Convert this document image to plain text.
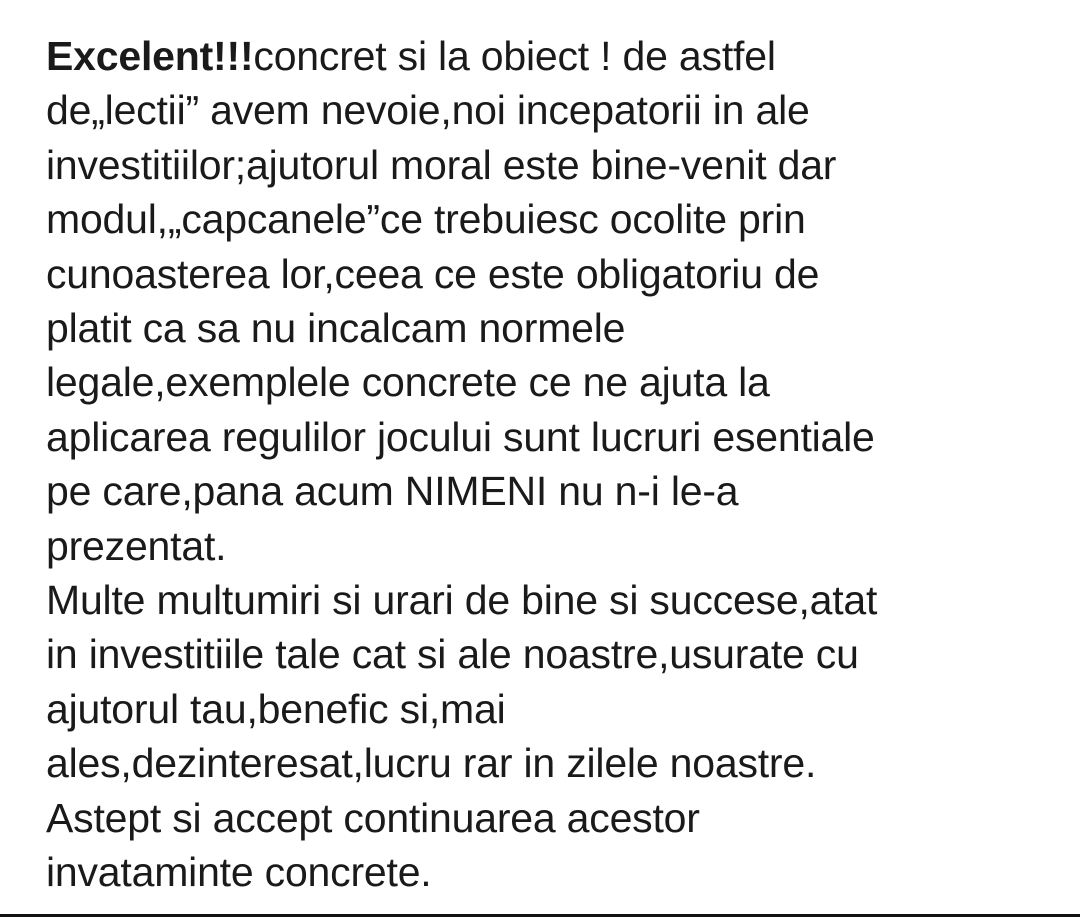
Excelent!!!concret si la obiect ! de astfel
de„lectii” avem nevoie,noi incepatorii in ale
investitiilor;ajutorul moral este bine-venit dar
modul,„capcanele”ce trebuiesc ocolite prin
cunoasterea lor,ceea ce este obligatoriu de
platit ca sa nu incalcam normele
legale,exemplele concrete ce ne ajuta la
aplicarea regulilor jocului sunt lucruri esentiale
pe care,pana acum NIMENI nu n-i le-a
prezentat.
Multe multumiri si urari de bine si succese,atat
in investitiile tale cat si ale noastre,usurate cu
ajutorul tau,benefic si,mai
ales,dezinteresat,lucru rar in zilele noastre.
Astept si accept continuarea acestor
invataminte concrete.
